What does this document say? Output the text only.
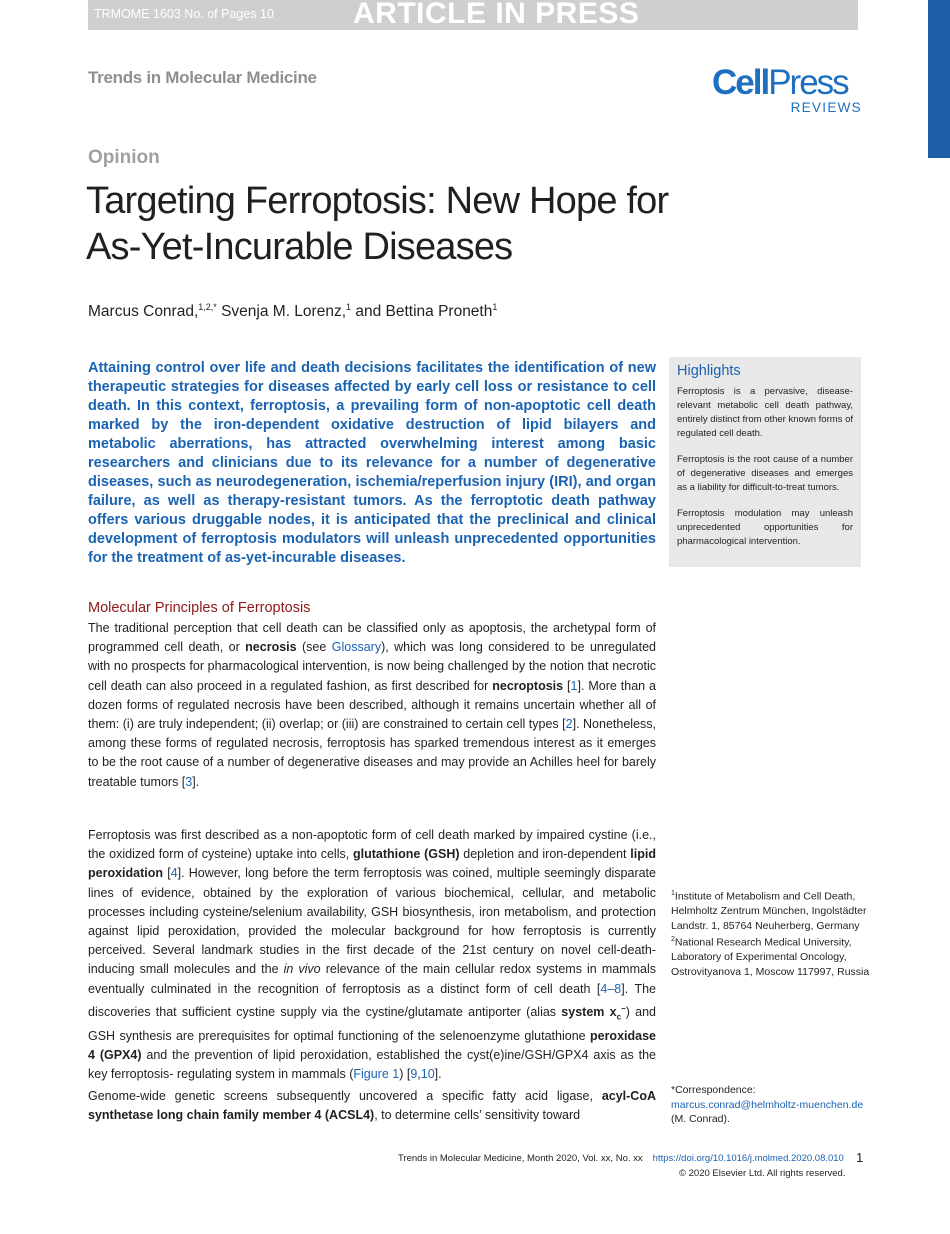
TRMOME 1603 No. of Pages 10	ARTICLE IN PRESS
Trends in Molecular Medicine	CellPress
REVIEWS
Opinion
Targeting Ferroptosis: New Hope for As-Yet-Incurable Diseases
Marcus Conrad,$^{1,2,*}$ Svenja M. Lorenz,$^1$ and Bettina Proneth$^1$
Attaining control over life and death decisions facilitates the identification of new therapeutic strategies for diseases affected by early cell loss or resistance to cell death. In this context, ferroptosis, a prevailing form of non-apoptotic cell death marked by the iron-dependent oxidative destruction of lipid bilayers and metabolic aberrations, has attracted overwhelming interest among basic researchers and clinicians due to its relevance for a number of degenerative diseases, such as neurodegeneration, ischemia/reperfusion injury (IRI), and organ failure, as well as therapy-resistant tumors. As the ferroptotic death pathway offers various druggable nodes, it is anticipated that the preclinical and clinical development of ferroptosis modulators will unleash unprecedented opportunities for the treatment of as-yet-incurable diseases.
Highlights

Ferroptosis is a pervasive, disease-relevant metabolic cell death pathway, entirely distinct from other known forms of regulated cell death.

Ferroptosis is the root cause of a number of degenerative diseases and emerges as a liability for difficult-to-treat tumors.

Ferroptosis modulation may unleash unprecedented opportunities for pharmacological intervention.

Molecular Principles of Ferroptosis

The traditional perception that cell death can be classified only as apoptosis, the archetypal form of programmed cell death, or necrosis (see Glossary), which was long considered to be unregulated with no prospects for pharmacological intervention, is now being challenged by the notion that necrotic cell death can also proceed in a regulated fashion, as first described for necroptosis [1]. More than a dozen forms of regulated necrosis have been described, although it remains uncertain whether all of them: (i) are truly independent; (ii) overlap; or (iii) are constrained to certain cell types [2]. Nonetheless, among these forms of regulated necrosis, ferroptosis has sparked tremendous interest as it emerges to be the root cause of a number of degenerative diseases and may provide an Achilles heel for barely treatable tumors [3].

Ferroptosis was first described as a non-apoptotic form of cell death marked by impaired cystine (i.e., the oxidized form of cysteine) uptake into cells, glutathione (GSH) depletion and iron-dependent lipid peroxidation [4]. However, long before the term ferroptosis was coined, multiple seemingly disparate lines of evidence, obtained by the exploration of various biochemical, cellular, and metabolic processes including cysteine/selenium availability, GSH biosynthesis, iron metabolism, and protection against lipid peroxidation, provided the molecular background for how ferroptosis is currently perceived. Several landmark studies in the first decade of the 21st century on novel cell-death-inducing small molecules and the in vivo relevance of the main cellular redox systems in mammals eventually culminated in the recognition of ferroptosis as a distinct form of cell death [4–8]. The discoveries that sufficient cystine supply via the cystine/glutamate antiporter (alias system $x_c^-$) and GSH synthesis are prerequisites for optimal functioning of the selenoenzyme glutathione peroxidase 4 (GPX4) and the prevention of lipid peroxidation, established the cyst(e)ine/GSH/GPX4 axis as the key ferroptosis- regulating system in mammals (Figure 1) [9,10].

Genome-wide genetic screens subsequently uncovered a specific fatty acid ligase, acyl-CoA synthetase long chain family member 4 (ACSL4), to determine cells’ sensitivity toward

$^1$Institute of Metabolism and Cell Death, Helmholtz Zentrum München, Ingolstädter Landstr. 1, 85764 Neuherberg, Germany
$^2$National Research Medical University, Laboratory of Experimental Oncology, Ostrovityanova 1, Moscow 117997, Russia
*Correspondence:
marcus.conrad@helmholtz-muenchen.de
(M. Conrad).
Trends in Molecular Medicine, Month 2020, Vol. xx, No. xx https://doi.org/10.1016/j.molmed.2020.08.010 1
© 2020 Elsevier Ltd. All rights reserved.
